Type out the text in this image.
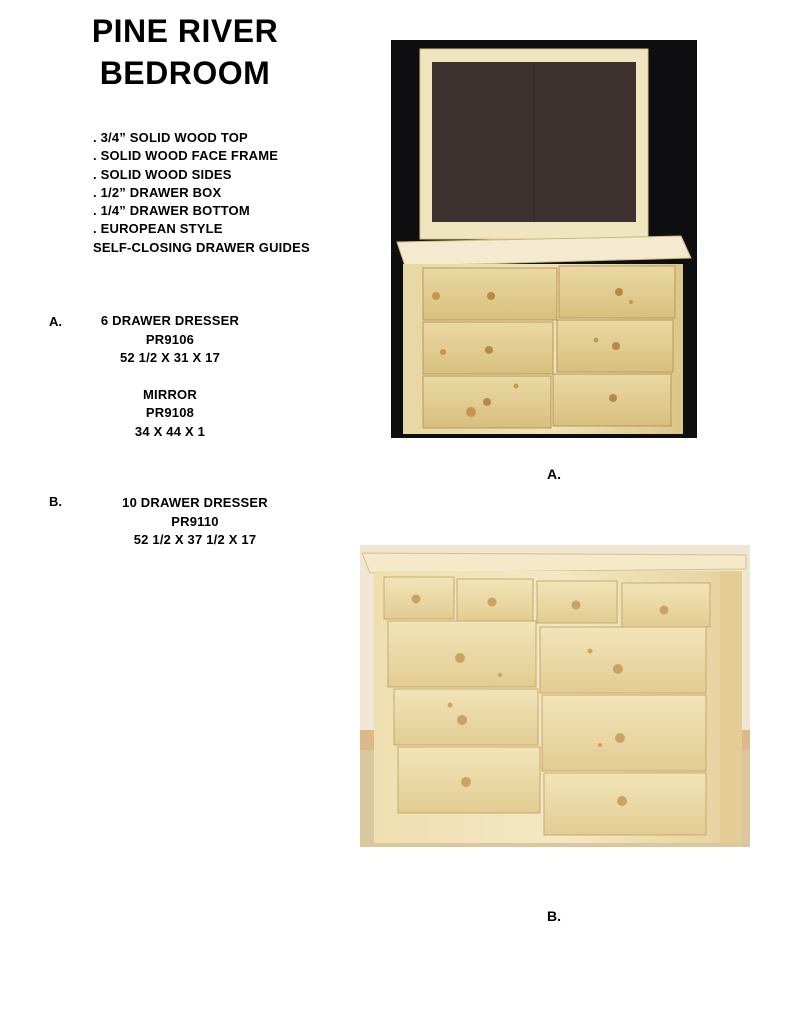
PINE RIVER
BEDROOM
. 3/4” SOLID WOOD TOP
. SOLID WOOD FACE FRAME
. SOLID WOOD SIDES
. 1/2” DRAWER BOX
. 1/4” DRAWER BOTTOM
. EUROPEAN STYLE
SELF-CLOSING DRAWER GUIDES
A.	6 DRAWER DRESSER
PR9106
52 1/2 X 31 X 17
MIRROR
PR9108
34 X 44 X 1
B.	10 DRAWER DRESSER
PR9110
52 1/2 X 37 1/2 X 17
A.
B.
